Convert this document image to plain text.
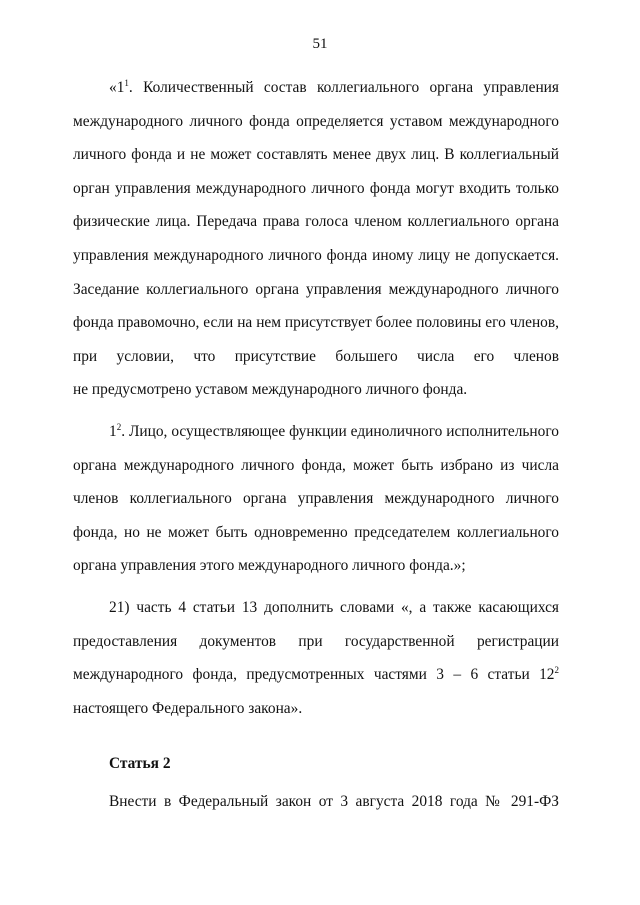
51
«$1^1$. Количественный состав коллегиального органа управления
международного личного фонда определяется уставом международного
личного фонда и не может составлять менее двух лиц. В коллегиальный
орган управления международного личного фонда могут входить только
физические лица. Передача права голоса членом коллегиального органа
управления международного личного фонда иному лицу не допускается.
Заседание коллегиального органа управления международного личного
фонда правомочно, если на нем присутствует более половины его членов,
при условии, что присутствие большего числа его членов
не предусмотрено уставом международного личного фонда.
$1^2$. Лицо, осуществляющее функции единоличного исполнительного
органа международного личного фонда, может быть избрано из числа
членов коллегиального органа управления международного личного
фонда, но не может быть одновременно председателем коллегиального
органа управления этого международного личного фонда.»;
21) часть 4 статьи 13 дополнить словами «, а также касающихся
предоставления документов при государственной регистрации
международного фонда, предусмотренных частями 3 – 6 статьи $12^2$
настоящего Федерального закона».
Статья 2
Внести в Федеральный закон от 3 августа 2018 года № 291-ФЗ
